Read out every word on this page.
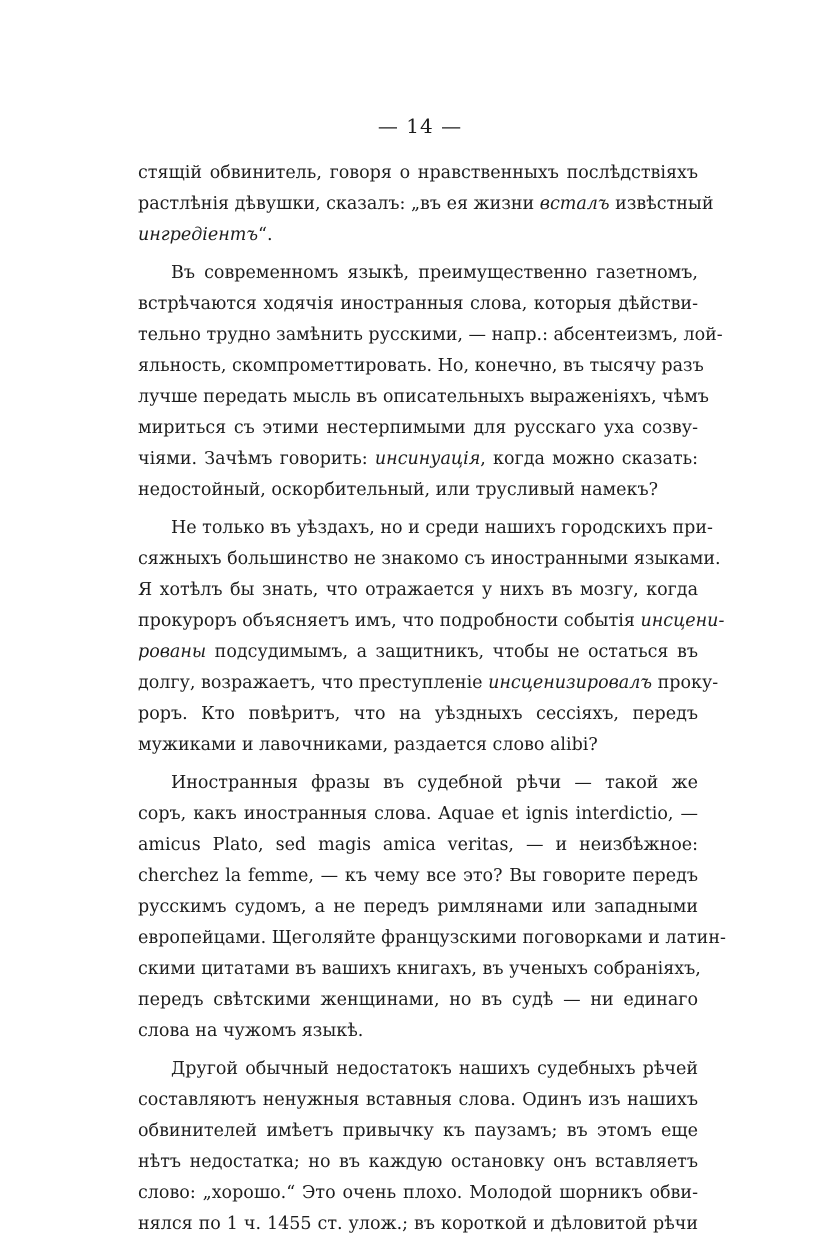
— 14 —
стящій обвинитель, говоря о нравственныхъ послѣдствіяхъ
растлѣнія дѣвушки, сказалъ: „въ ея жизни всталъ извѣстный
ингредіентъ“.
Въ современномъ языкѣ, преимущественно газетномъ,
встрѣчаются ходячія иностранныя слова, которыя дѣйстви-
тельно трудно замѣнить русскими, — напр.: абсентеизмъ, лой-
яльность, скомпрометтировать. Но, конечно, въ тысячу разъ
лучше передать мысль въ описательныхъ выраженіяхъ, чѣмъ
мириться съ этими нестерпимыми для русскаго уха созву-
чіями. Зачѣмъ говорить: инсинуація, когда можно сказать:
недостойный, оскорбительный, или трусливый намекъ?
Не только въ уѣздахъ, но и среди нашихъ городскихъ при-
сяжныхъ большинство не знакомо съ иностранными языками.
Я хотѣлъ бы знать, что отражается у нихъ въ мозгу, когда
прокуроръ объясняетъ имъ, что подробности событія инсцени-
рованы подсудимымъ, а защитникъ, чтобы не остаться въ
долгу, возражаетъ, что преступленіе инсценизировалъ проку-
роръ. Кто повѣритъ, что на уѣздныхъ сессіяхъ, передъ
мужиками и лавочниками, раздается слово alibi?
Иностранныя фразы въ судебной рѣчи — такой же
соръ, какъ иностранныя слова. Aquae et ignis interdictio, —
amicus Plato, sed magis amica veritas, — и неизбѣжное:
cherchez la femme, — къ чему все это? Вы говорите передъ
русскимъ судомъ, а не передъ римлянами или западными
европейцами. Щеголяйте французскими поговорками и латин-
скими цитатами въ вашихъ книгахъ, въ ученыхъ собраніяхъ,
передъ свѣтскими женщинами, но въ судѣ — ни единаго
слова на чужомъ языкѣ.
Другой обычный недостатокъ нашихъ судебныхъ рѣчей
составляютъ ненужныя вставныя слова. Одинъ изъ нашихъ
обвинителей имѣетъ привычку къ паузамъ; въ этомъ еще
нѣтъ недостатка; но въ каждую остановку онъ вставляетъ
слово: „хорошо.“ Это очень плохо. Молодой шорникъ обви-
нялся по 1 ч. 1455 ст. улож.; въ короткой и дѣловитой рѣчи
